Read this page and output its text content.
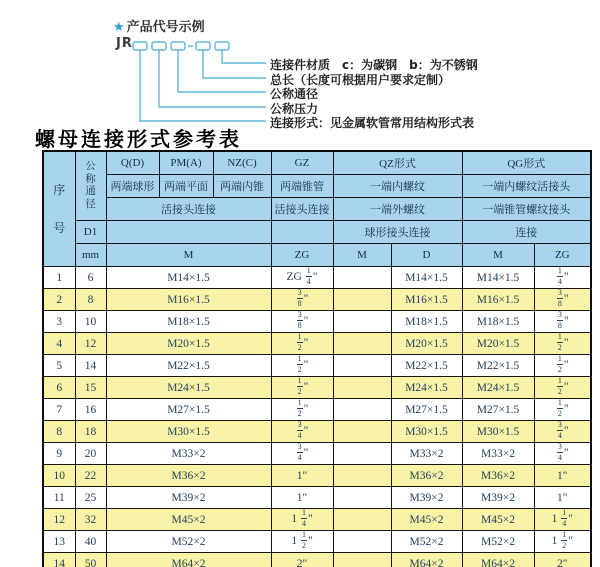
★ 产品代号示例
JR
连接件材质　c：为碳钢　b：为不锈钢
总长（长度可根据用户要求定制）
公称通径
公称压力
连接形式：见金属软管常用结构形式表
螺母连接形式参考表
序
号

公
称
通
径
	Q(D)	PM(A)	NZ(C)	GZ	QZ形式	QG形式
		两端球形	两端平面	两端内锥	两端锥管	一端内螺纹		一端内螺纹活接头	
		活接头连接			活接头连接	一端外螺纹		一端锥管螺纹接头	
	D1					球形接头连接		连接	
	mm	M			ZG	M	D	M	ZG
1	6	M14×1.5			ZG $\frac{1}{4}$ "		M14×1.5	M14×1.5	$\frac{1}{4}$ "
2	8	M16×1.5			$\frac{3}{8}$ "		M16×1.5	M16×1.5	$\frac{3}{8}$ "
3	10	M18×1.5			$\frac{3}{8}$ "		M18×1.5	M18×1.5	$\frac{3}{8}$ "
4	12	M20×1.5			$\frac{1}{2}$ "		M20×1.5	M20×1.5	$\frac{1}{2}$ "
5	14	M22×1.5			$\frac{1}{2}$ "		M22×1.5	M22×1.5	$\frac{1}{2}$ "
6	15	M24×1.5			$\frac{1}{2}$ "		M24×1.5	M24×1.5	$\frac{1}{2}$ "
7	16	M27×1.5			$\frac{1}{2}$ "		M27×1.5	M27×1.5	$\frac{1}{2}$ "
8	18	M30×1.5			$\frac{3}{4}$ "		M30×1.5	M30×1.5	$\frac{3}{4}$ "
9	20	M33×2			$\frac{3}{4}$ "		M33×2	M33×2	$\frac{3}{4}$ "
10	22	M36×2			1"		M36×2	M36×2	1"
11	25	M39×2			1"		M39×2	M39×2	1"
12	32	M45×2			$1 \frac{1}{4}$ "		M45×2	M45×2	$1 \frac{1}{4}$ "
13	40	M52×2			$1 \frac{1}{2}$ "		M52×2	M52×2	$1 \frac{1}{2}$ "
14	50	M64×2			2"		M64×2	M64×2	2"
